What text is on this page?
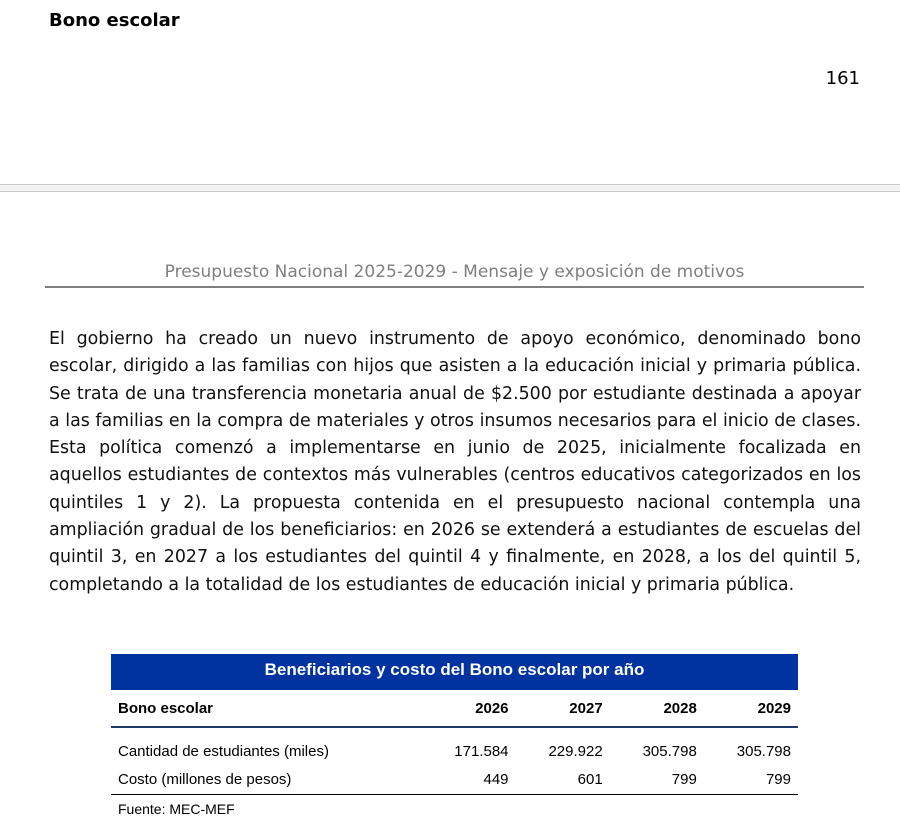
Bono escolar
161
Presupuesto Nacional 2025-2029 - Mensaje y exposición de motivos

El gobierno ha creado un nuevo instrumento de apoyo económico, denominado bono escolar, dirigido a las familias con hijos que asisten a la educación inicial y primaria pública. Se trata de una transferencia monetaria anual de $2.500 por estudiante destinada a apoyar a las familias en la compra de materiales y otros insumos necesarios para el inicio de clases. Esta política comenzó a implementarse en junio de 2025, inicialmente focalizada en aquellos estudiantes de contextos más vulnerables (centros educativos categorizados en los quintiles 1 y 2). La propuesta contenida en el presupuesto nacional contempla una ampliación gradual de los beneficiarios: en 2026 se extenderá a estudiantes de escuelas del quintil 3, en 2027 a los estudiantes del quintil 4 y finalmente, en 2028, a los del quintil 5, completando a la totalidad de los estudiantes de educación inicial y primaria pública.

Beneficiarios y costo del Bono escolar por año
Bono escolar	2026	2027	2028	2029
Cantidad de estudiantes (miles)	171.584	229.922	305.798	305.798
Costo (millones de pesos)	449	601	799	799
Fuente: MEC-MEF
